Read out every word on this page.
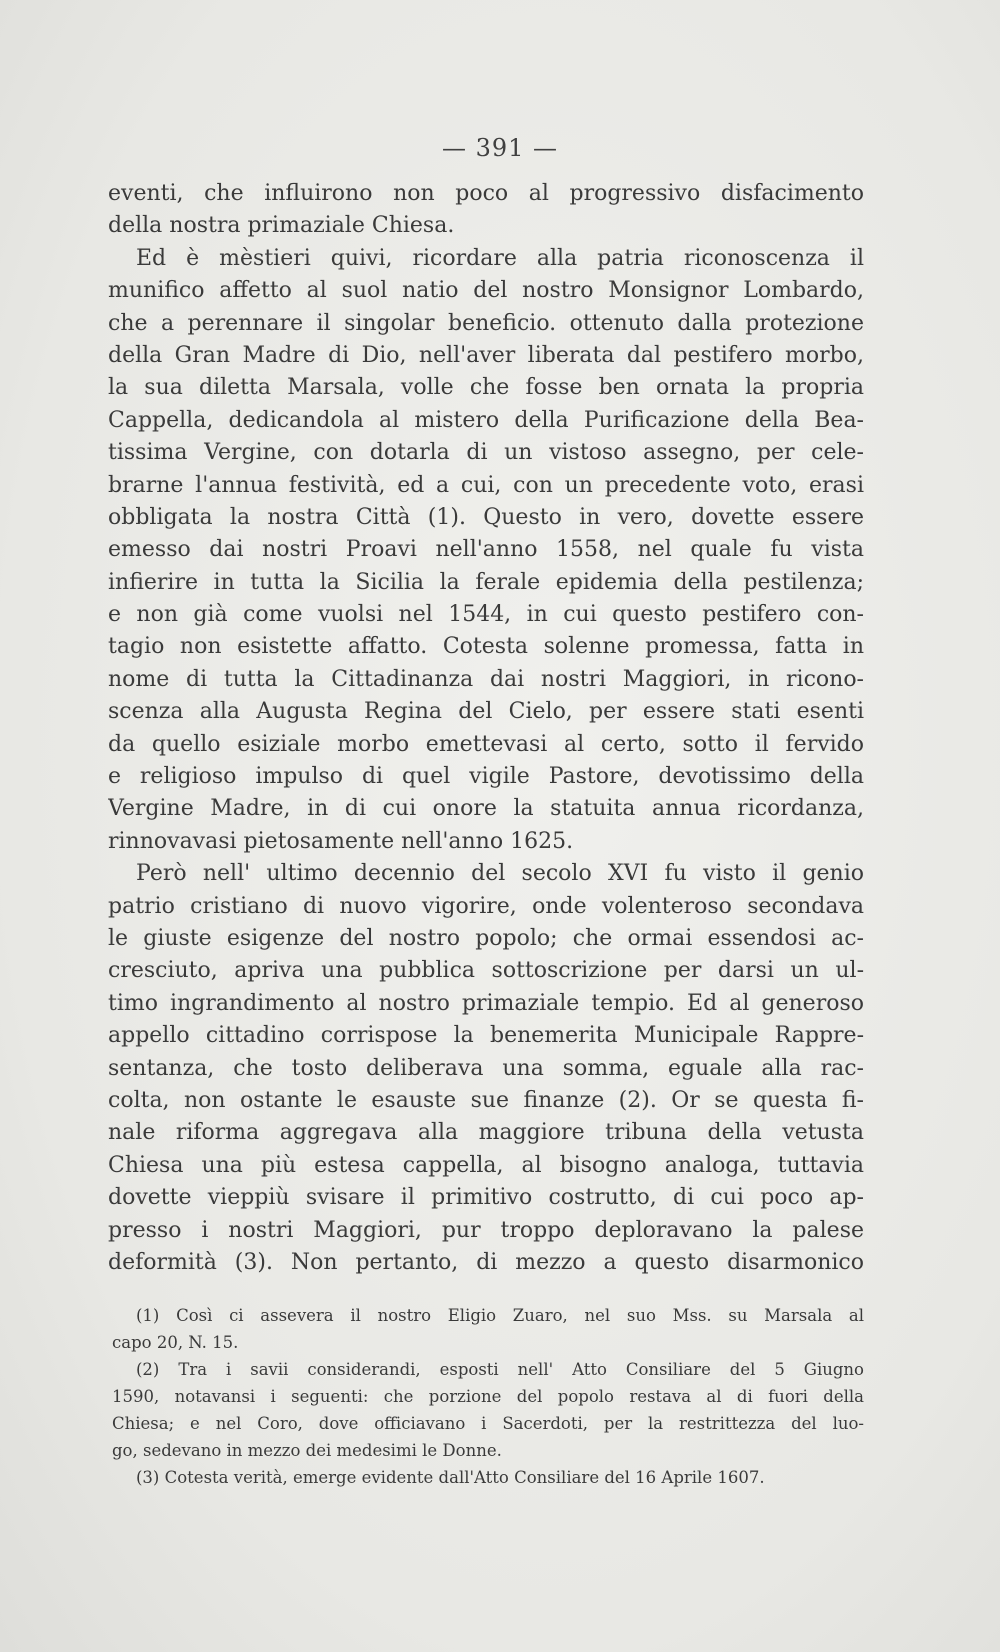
— 391 —
eventi, che influirono non poco al progressivo disfacimento
della nostra primaziale Chiesa.
Ed è mèstieri quivi, ricordare alla patria riconoscenza il
munifico affetto al suol natio del nostro Monsignor Lombardo,
che a perennare il singolar beneficio. ottenuto dalla protezione
della Gran Madre di Dio, nell'aver liberata dal pestifero morbo,
la sua diletta Marsala, volle che fosse ben ornata la propria
Cappella, dedicandola al mistero della Purificazione della Bea-
tissima Vergine, con dotarla di un vistoso assegno, per cele-
brarne l'annua festività, ed a cui, con un precedente voto, erasi
obbligata la nostra Città (1). Questo in vero, dovette essere
emesso dai nostri Proavi nell'anno 1558, nel quale fu vista
infierire in tutta la Sicilia la ferale epidemia della pestilenza;
e non già come vuolsi nel 1544, in cui questo pestifero con-
tagio non esistette affatto. Cotesta solenne promessa, fatta in
nome di tutta la Cittadinanza dai nostri Maggiori, in ricono-
scenza alla Augusta Regina del Cielo, per essere stati esenti
da quello esiziale morbo emettevasi al certo, sotto il fervido
e religioso impulso di quel vigile Pastore, devotissimo della
Vergine Madre, in di cui onore la statuita annua ricordanza,
rinnovavasi pietosamente nell'anno 1625.
Però nell' ultimo decennio del secolo XVI fu visto il genio
patrio cristiano di nuovo vigorire, onde volenteroso secondava
le giuste esigenze del nostro popolo; che ormai essendosi ac-
cresciuto, apriva una pubblica sottoscrizione per darsi un ul-
timo ingrandimento al nostro primaziale tempio. Ed al generoso
appello cittadino corrispose la benemerita Municipale Rappre-
sentanza, che tosto deliberava una somma, eguale alla rac-
colta, non ostante le esauste sue finanze (2). Or se questa fi-
nale riforma aggregava alla maggiore tribuna della vetusta
Chiesa una più estesa cappella, al bisogno analoga, tuttavia
dovette vieppiù svisare il primitivo costrutto, di cui poco ap-
presso i nostri Maggiori, pur troppo deploravano la palese
deformità (3). Non pertanto, di mezzo a questo disarmonico
(1) Così ci assevera il nostro Eligio Zuaro, nel suo Mss. su Marsala al
capo 20, N. 15.
(2) Tra i savii considerandi, esposti nell' Atto Consiliare del 5 Giugno
1590, notavansi i seguenti: che porzione del popolo restava al di fuori della
Chiesa; e nel Coro, dove officiavano i Sacerdoti, per la restrittezza del luo-
go, sedevano in mezzo dei medesimi le Donne.
(3) Cotesta verità, emerge evidente dall'Atto Consiliare del 16 Aprile 1607.
